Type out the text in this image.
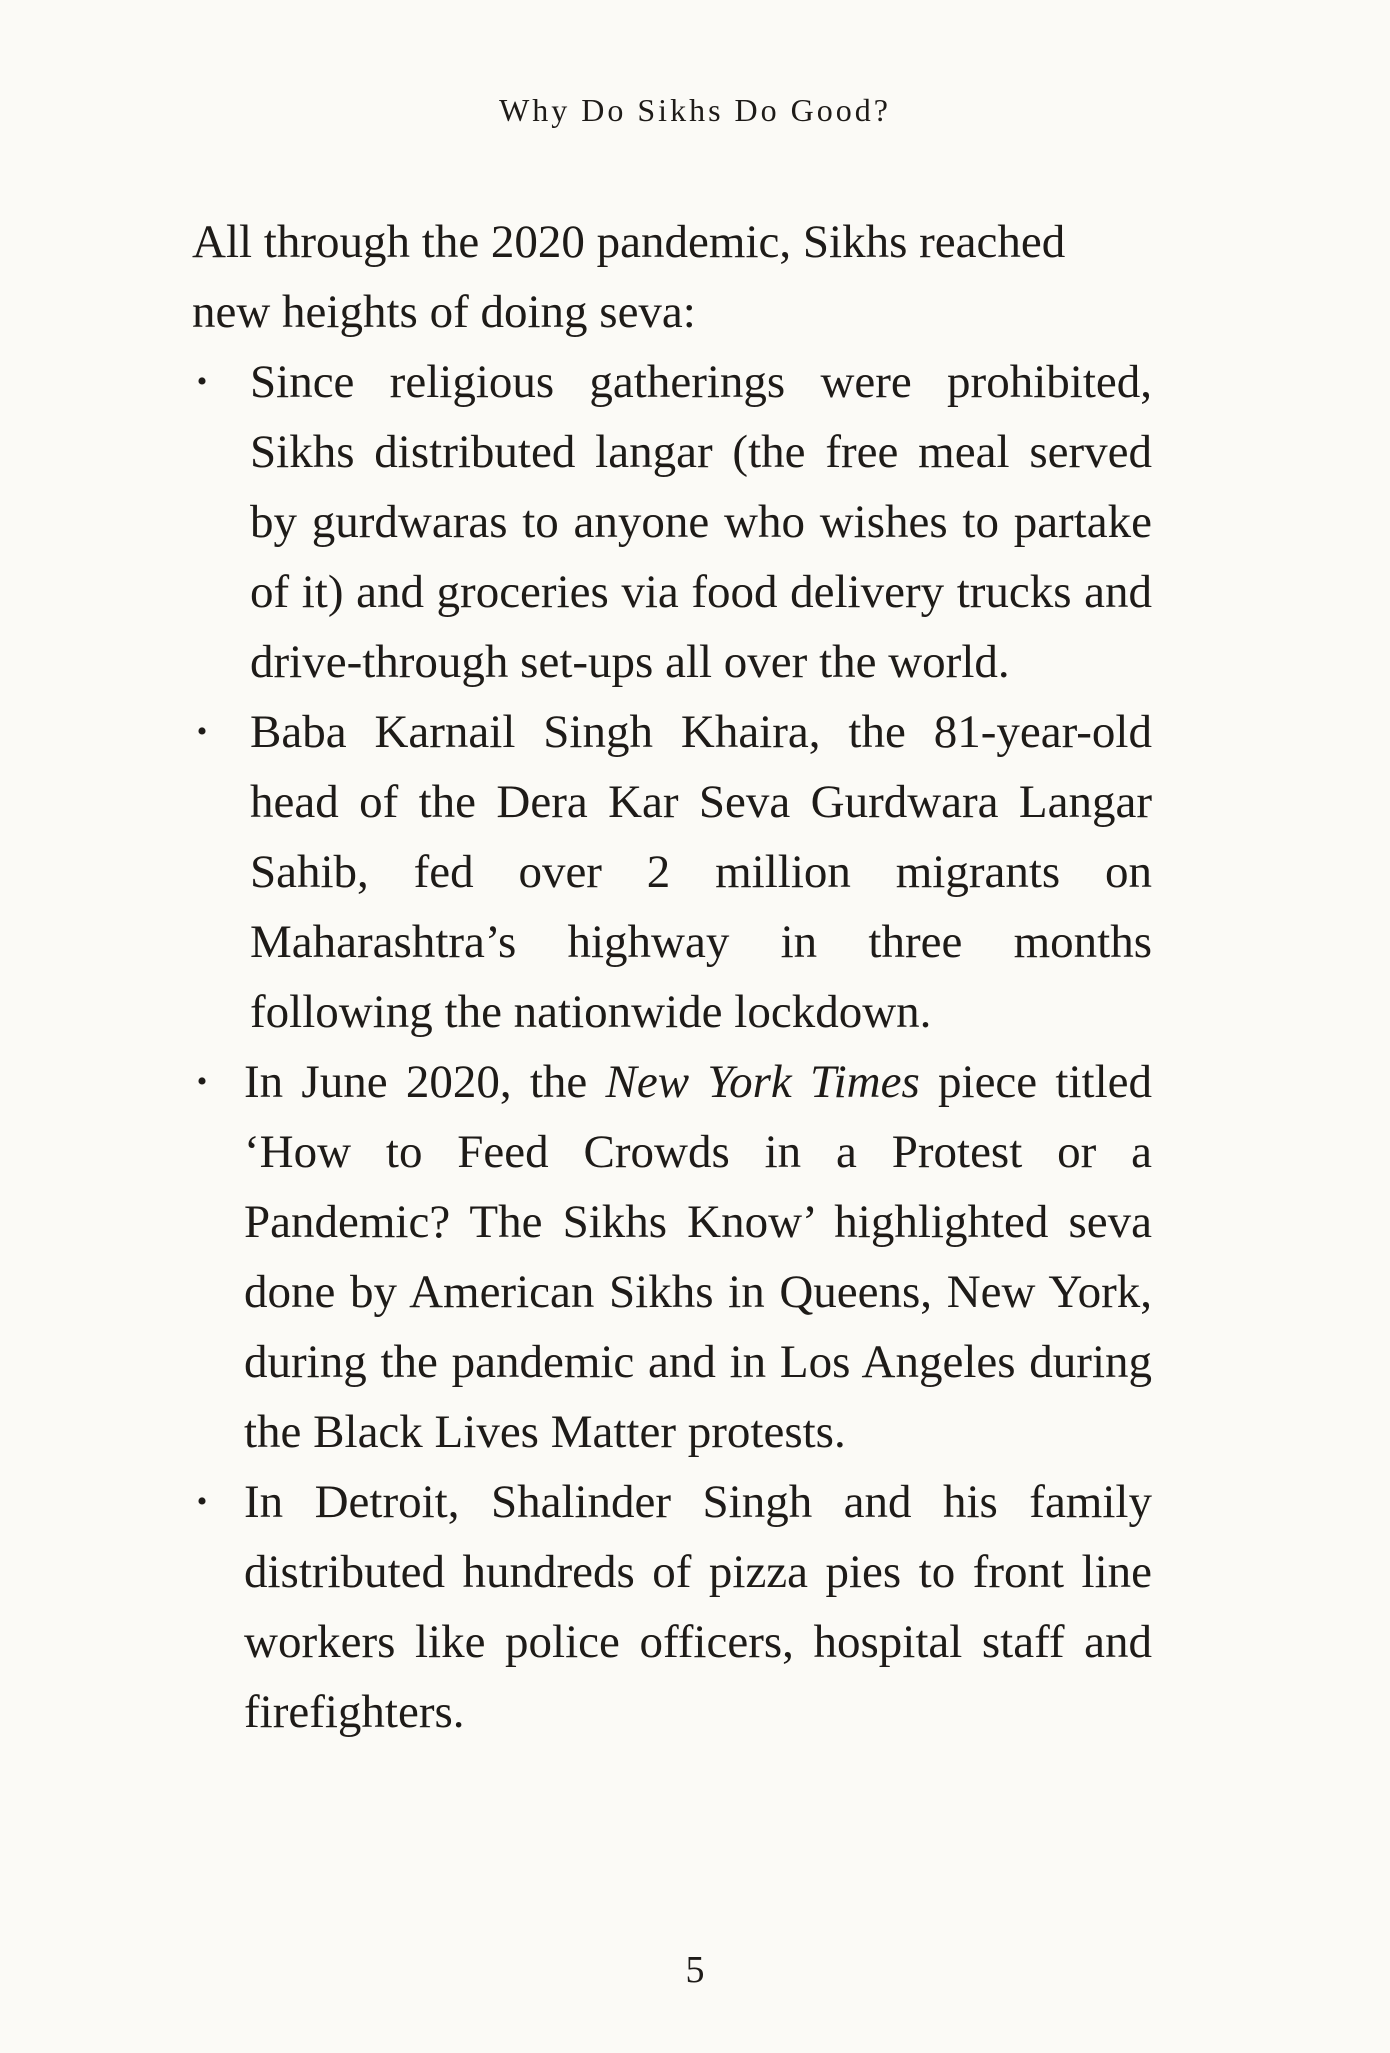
Why Do Sikhs Do Good?

All through the 2020 pandemic, Sikhs reached new heights of doing seva:

• Since religious gatherings were prohibited, Sikhs distributed langar (the free meal served by gurdwaras to anyone who wishes to partake of it) and groceries via food delivery trucks and drive-through set-ups all over the world.
• Baba Karnail Singh Khaira, the 81-year-old head of the Dera Kar Seva Gurdwara Langar Sahib, fed over 2 million migrants on Maharashtra’s highway in three months following the nationwide lockdown.
• In June 2020, the New York Times piece titled ‘How to Feed Crowds in a Protest or a Pandemic? The Sikhs Know’ highlighted seva done by American Sikhs in Queens, New York, during the pandemic and in Los Angeles during the Black Lives Matter protests.
• In Detroit, Shalinder Singh and his family distributed hundreds of pizza pies to front line workers like police officers, hospital staff and firefighters.
5
